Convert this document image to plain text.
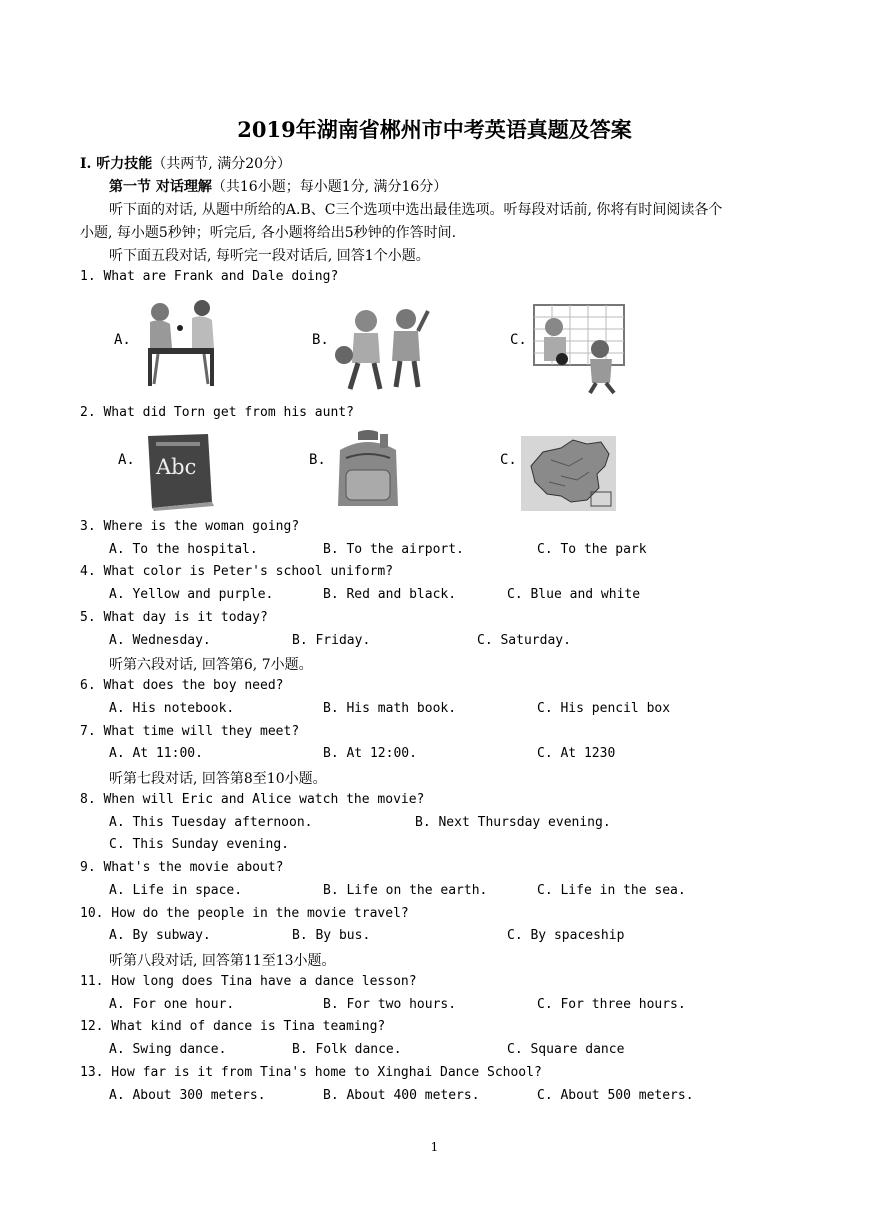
2019年湖南省郴州市中考英语真题及答案
I. 听力技能（共两节, 满分20分）
第一节 对话理解（共16小题；每小题1分, 满分16分）
听下面的对话, 从题中所给的A.B、C三个选项中选出最佳选项。听每段对话前, 你将有时间阅读各个
小题, 每小题5秒钟；听完后, 各小题将给出5秒钟的作答时间.
听下面五段对话, 每听完一段对话后, 回答1个小题。
1. What are Frank and Dale doing?
A.	B.	C.
2. What did Torn get from his aunt?
A. Abc	B.	C.
3. Where is the woman going?
A. To the hospital.	B. To the airport.	C. To the park
4. What color is Peter's school uniform?
A. Yellow and purple.	B. Red and black.	C. Blue and white
5. What day is it today?
A. Wednesday.	B. Friday.	C. Saturday.
听第六段对话, 回答第6, 7小题。
6. What does the boy need?
A. His notebook.	B. His math book.	C. His pencil box
7. What time will they meet?
A. At 11:00.	B. At 12:00.	C. At 1230
听第七段对话, 回答第8至10小题。
8. When will Eric and Alice watch the movie?
A. This Tuesday afternoon.	B. Next Thursday evening.
C. This Sunday evening.
9. What's the movie about?
A. Life in space.	B. Life on the earth.	C. Life in the sea.
10. How do the people in the movie travel?
A. By subway.	B. By bus.	C. By spaceship
听第八段对话, 回答第11至13小题。
11. How long does Tina have a dance lesson?
A. For one hour.	B. For two hours.	C. For three hours.
12. What kind of dance is Tina teaming?
A. Swing dance.	B. Folk dance.	C. Square dance
13. How far is it from Tina's home to Xinghai Dance School?
A. About 300 meters.	B. About 400 meters.	C. About 500 meters.
1
